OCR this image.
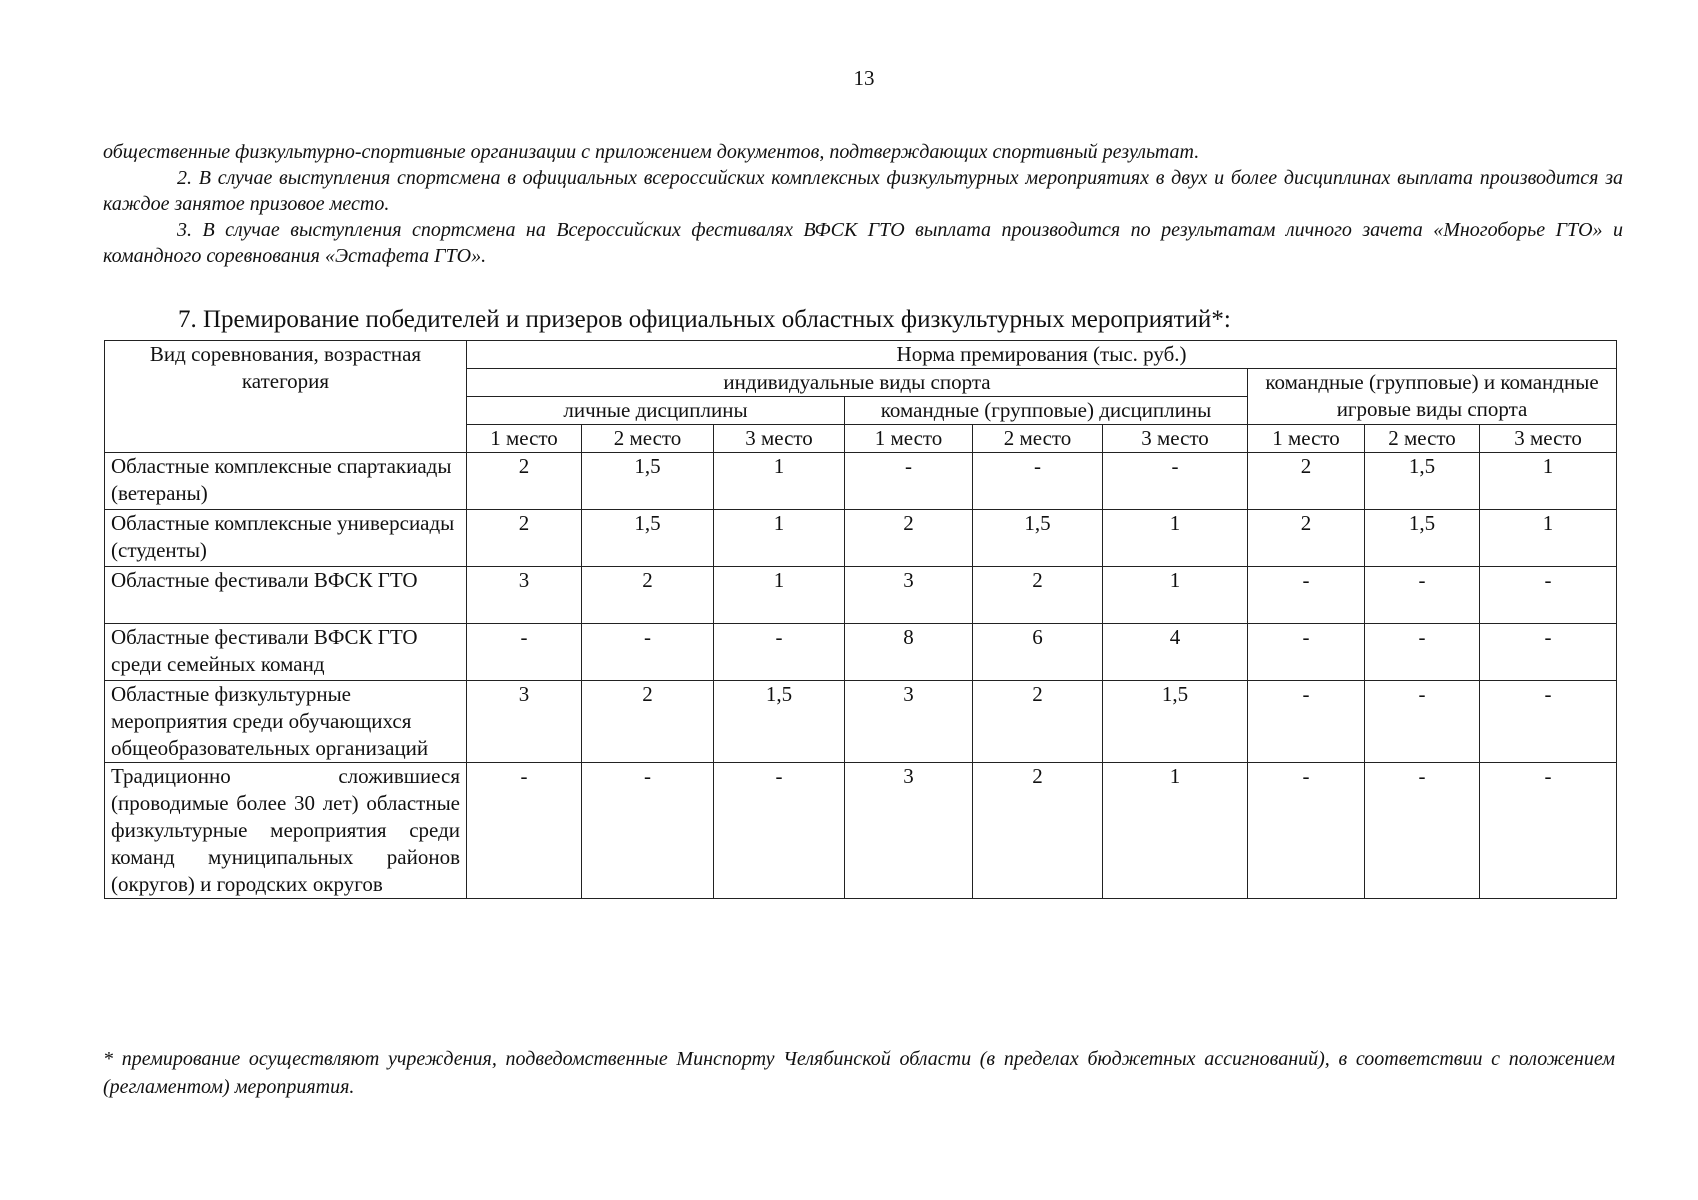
13

общественные физкультурно-спортивные организации с приложением документов, подтверждающих спортивный результат.

2. В случае выступления спортсмена в официальных всероссийских комплексных физкультурных мероприятиях в двух и более дисциплинах выплата производится за каждое занятое призовое место.

3. В случае выступления спортсмена на Всероссийских фестивалях ВФСК ГТО выплата производится по результатам личного зачета «Многоборье ГТО» и командного соревнования «Эстафета ГТО».

7. Премирование победителей и призеров официальных областных физкультурных мероприятий*:
Вид соревнования, возрастная категория	Норма премирования (тыс. руб.)								
	индивидуальные виды спорта						командные (групповые) и командные игровые виды спорта		
	личные дисциплины			командные (групповые) дисциплины					
	1 место	2 место	3 место	1 место	2 место	3 место	1 место	2 место	3 место
Областные комплексные спартакиады (ветераны)	2	1,5	1	-	-	-	2	1,5	1
Областные комплексные универсиады (студенты)	2	1,5	1	2	1,5	1	2	1,5	1
Областные фестивали ВФСК ГТО	3	2	1	3	2	1	-	-	-
Областные фестивали ВФСК ГТО среди семейных команд	-	-	-	8	6	4	-	-	-
Областные физкультурные мероприятия среди обучающихся общеобразовательных организаций	3	2	1,5	3	2	1,5	-	-	-
Традиционно сложившиеся (проводимые более 30 лет) областные физкультурные мероприятия среди команд муниципальных районов (округов) и городских округов	-	-	-	3	2	1	-	-	-
* премирование осуществляют учреждения, подведомственные Минспорту Челябинской области (в пределах бюджетных ассигнований), в соответствии с положением (регламентом) мероприятия.
